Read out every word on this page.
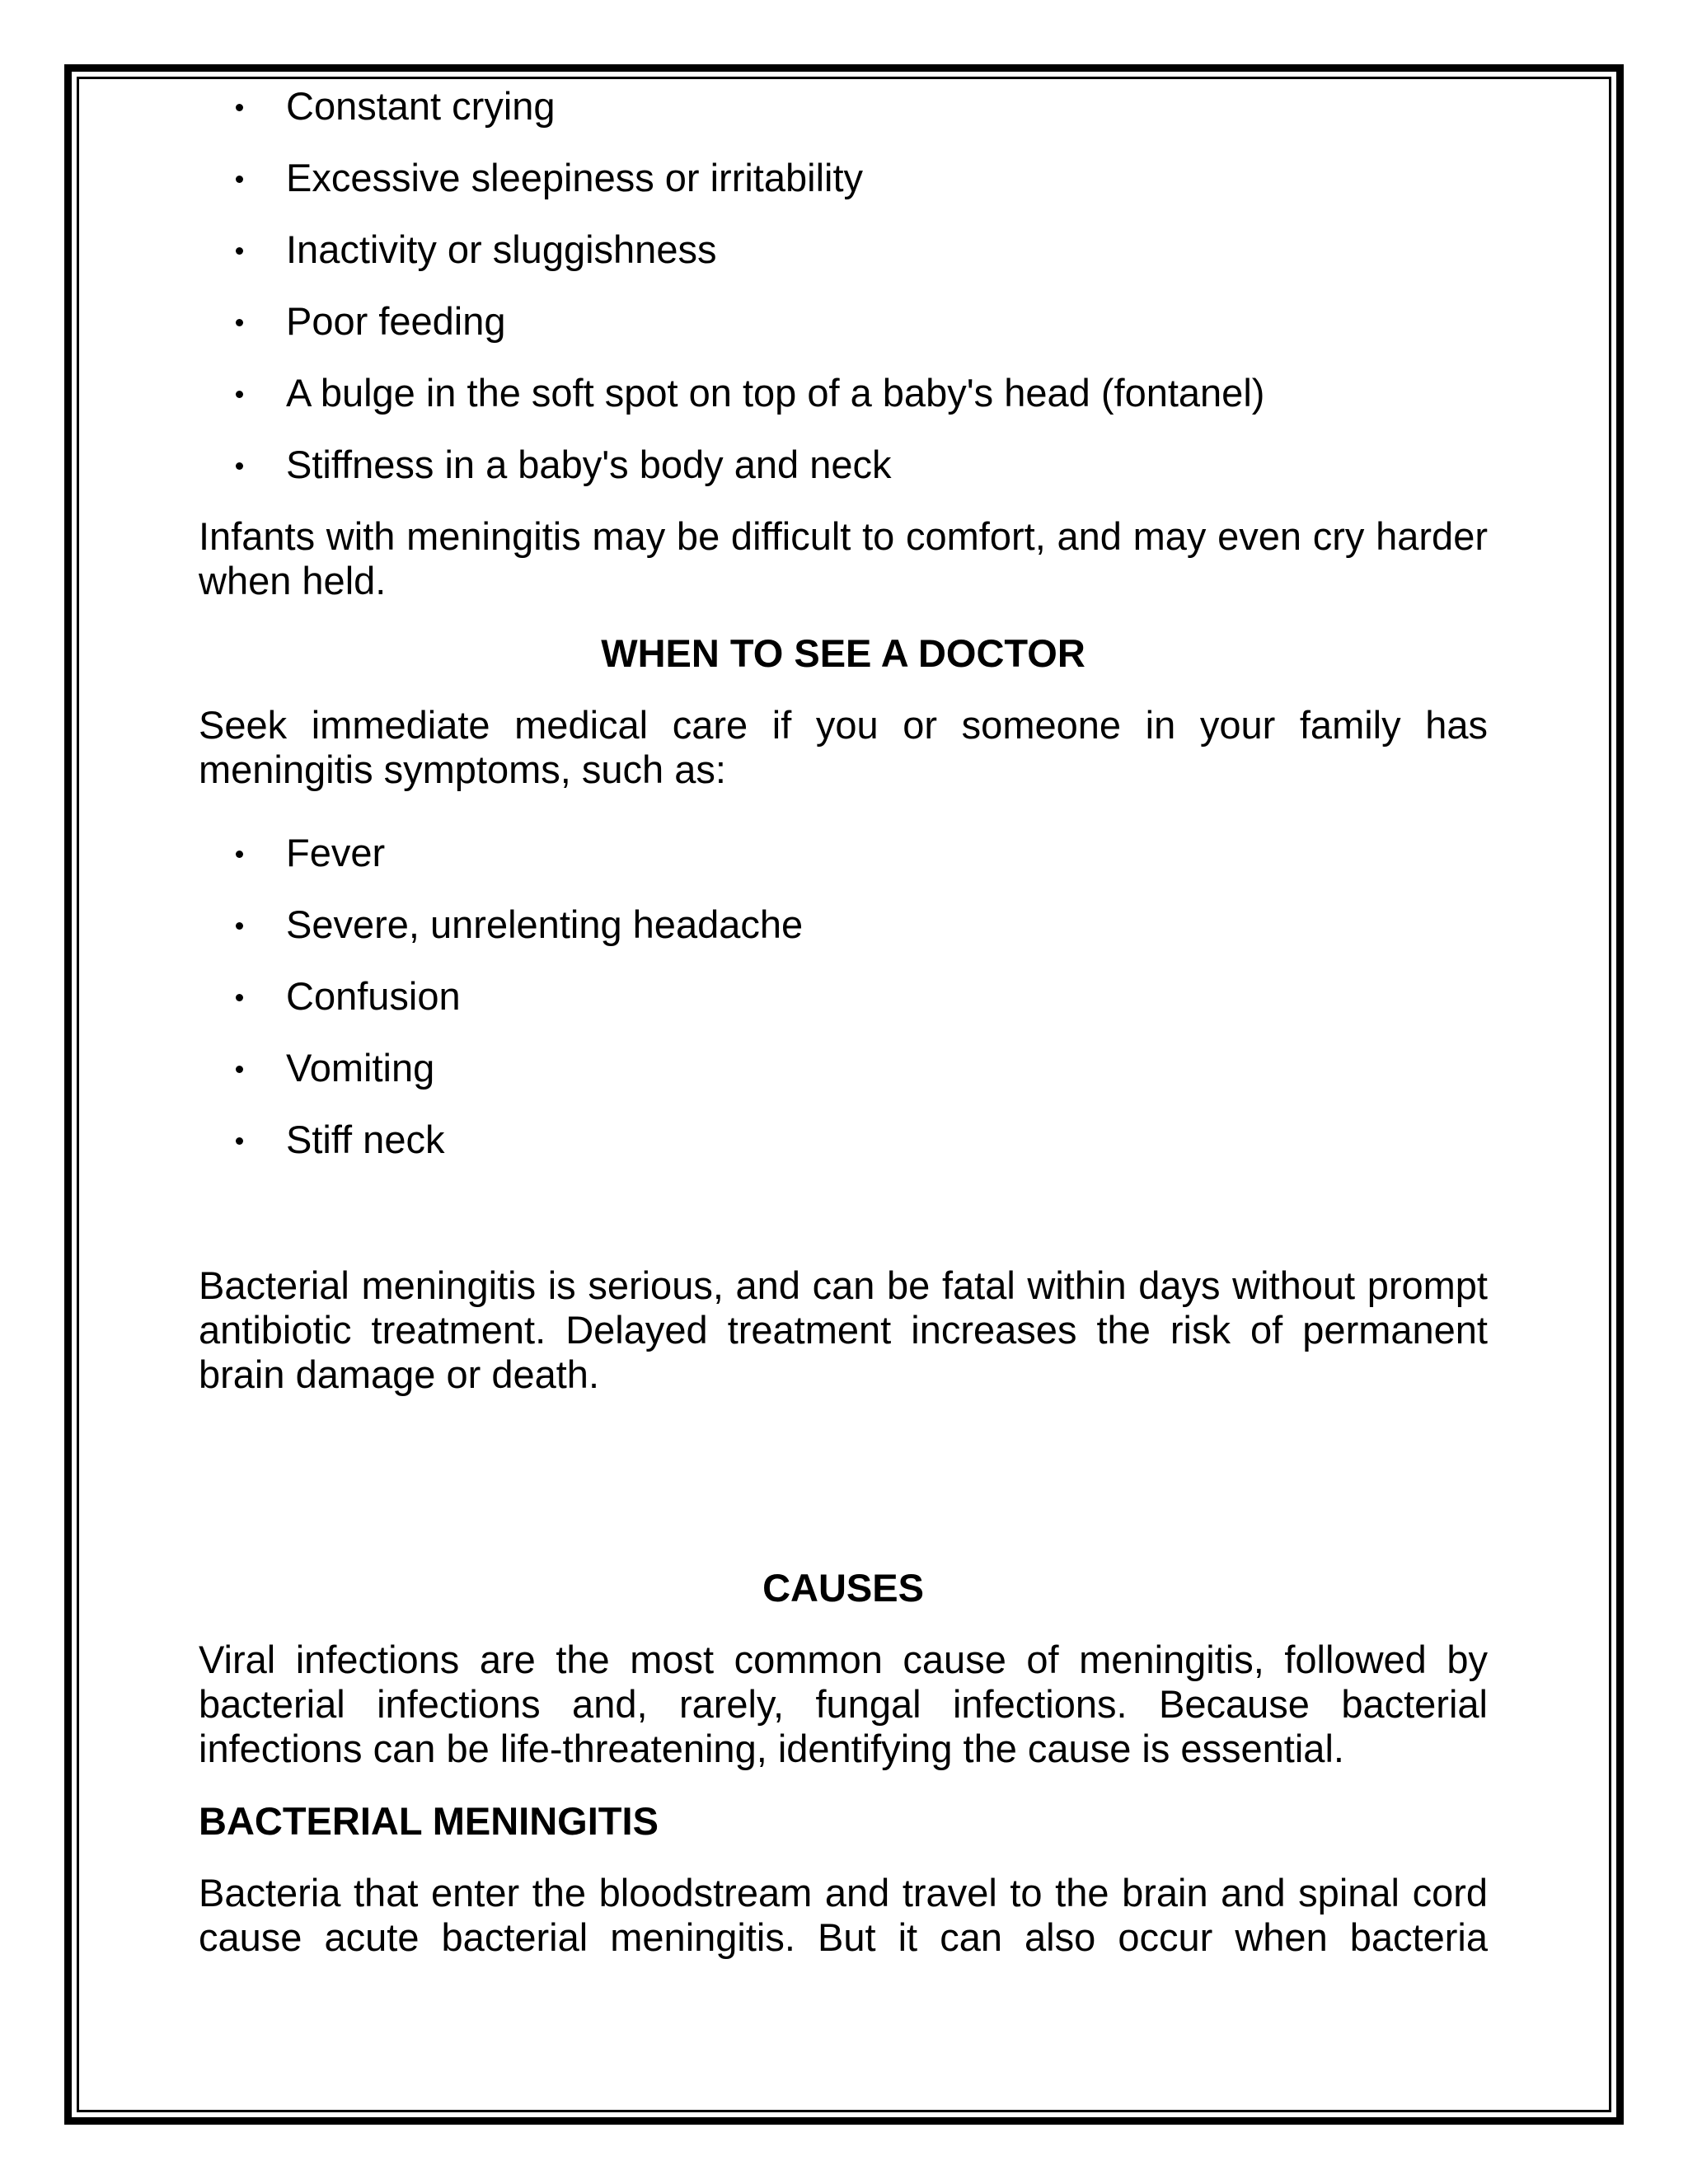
Constant crying
Excessive sleepiness or irritability
Inactivity or sluggishness
Poor feeding
A bulge in the soft spot on top of a baby's head (fontanel)
Stiffness in a baby's body and neck
Infants with meningitis may be difficult to comfort, and may even cry harder
when held.
WHEN TO SEE A DOCTOR
Seek immediate medical care if you or someone in your family has
meningitis symptoms, such as:
Fever
Severe, unrelenting headache
Confusion
Vomiting
Stiff neck
Bacterial meningitis is serious, and can be fatal within days without prompt
antibiotic treatment. Delayed treatment increases the risk of permanent
brain damage or death.
CAUSES
Viral infections are the most common cause of meningitis, followed by
bacterial infections and, rarely, fungal infections. Because bacterial
infections can be life-threatening, identifying the cause is essential.
BACTERIAL MENINGITIS
Bacteria that enter the bloodstream and travel to the brain and spinal cord
cause acute bacterial meningitis. But it can also occur when bacteria
